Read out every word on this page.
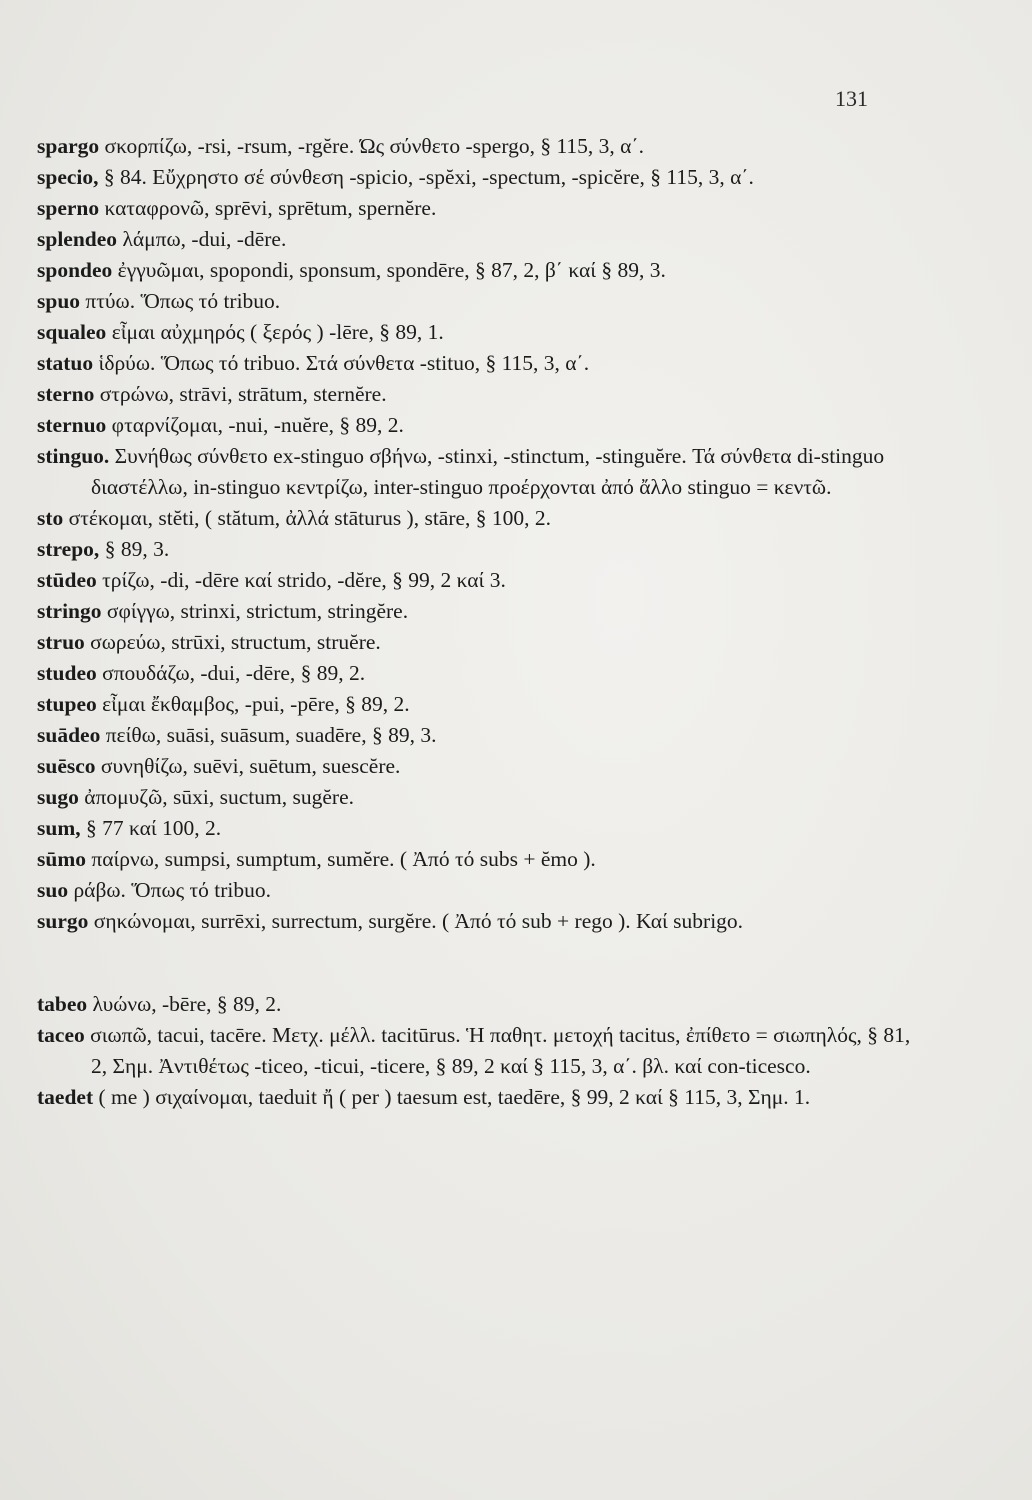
131
spargo σκορπίζω, -rsi, -rsum, -rgĕre. Ώς σύνθετο -spergo, § 115, 3, α΄.
specio, § 84. Εὔχρηστο σέ σύνθεση -spicio, -spĕxi, -spectum, -spicĕre, § 115, 3, α΄.
sperno καταφρονῶ, sprēvi, sprētum, spernĕre.
splendeo λάμπω, -dui, -dēre.
spondeo ἐγγυῶμαι, spopondi, sponsum, spondēre, § 87, 2, β΄ καί § 89, 3.
spuo πτύω. Ὅπως τό tribuo.
squaleo εἶμαι αὐχμηρός ( ξερός ) -lēre, § 89, 1.
statuo ἱδρύω. Ὅπως τό tribuo. Στά σύνθετα -stituo, § 115, 3, α΄.
sterno στρώνω, strāvi, strātum, sternĕre.
sternuo φταρνίζομαι, -nui, -nuĕre, § 89, 2.
stinguo. Συνήθως σύνθετο ex-stinguo σβήνω, -stinxi, -stinctum, -stinguĕre. Τά σύνθετα di-stinguo διαστέλλω, in-stinguo κεντρίζω, inter-stinguo προέρχονται ἀπό ἄλλο stinguo = κεντῶ.
sto στέκομαι, stĕti, ( stătum, ἀλλά stāturus ), stāre, § 100, 2.
strepo, § 89, 3.
stūdeo τρίζω, -di, -dēre καί strido, -dĕre, § 99, 2 καί 3.
stringo σφίγγω, strinxi, strictum, stringĕre.
struo σωρεύω, strūxi, structum, struĕre.
studeo σπουδάζω, -dui, -dēre, § 89, 2.
stupeo εἶμαι ἔκθαμβος, -pui, -pēre, § 89, 2.
suādeo πείθω, suāsi, suāsum, suadēre, § 89, 3.
suēsco συνηθίζω, suēvi, suētum, suescĕre.
sugo ἀπομυζῶ, sūxi, suctum, sugĕre.
sum, § 77 καί 100, 2.
sūmo παίρνω, sumpsi, sumptum, sumĕre. ( Ἀπό τό subs + ĕmo ).
suo ράβω. Ὅπως τό tribuo.
surgo σηκώνομαι, surrēxi, surrectum, surgĕre. ( Ἀπό τό sub + rego ). Καί subrigo.
tabeo λυώνω, -bēre, § 89, 2.
taceo σιωπῶ, tacui, tacēre. Μετχ. μέλλ. tacitūrus. Ἡ παθητ. μετοχή tacitus, ἐπίθετο = σιωπηλός, § 81, 2, Σημ. Ἀντιθέτως -ticeo, -ticui, -ticere, § 89, 2 καί § 115, 3, α΄. βλ. καί con-ticesco.
taedet ( me ) σιχαίνομαι, taeduit ἤ ( per ) taesum est, taedēre, § 99, 2 καί § 115, 3, Σημ. 1.
